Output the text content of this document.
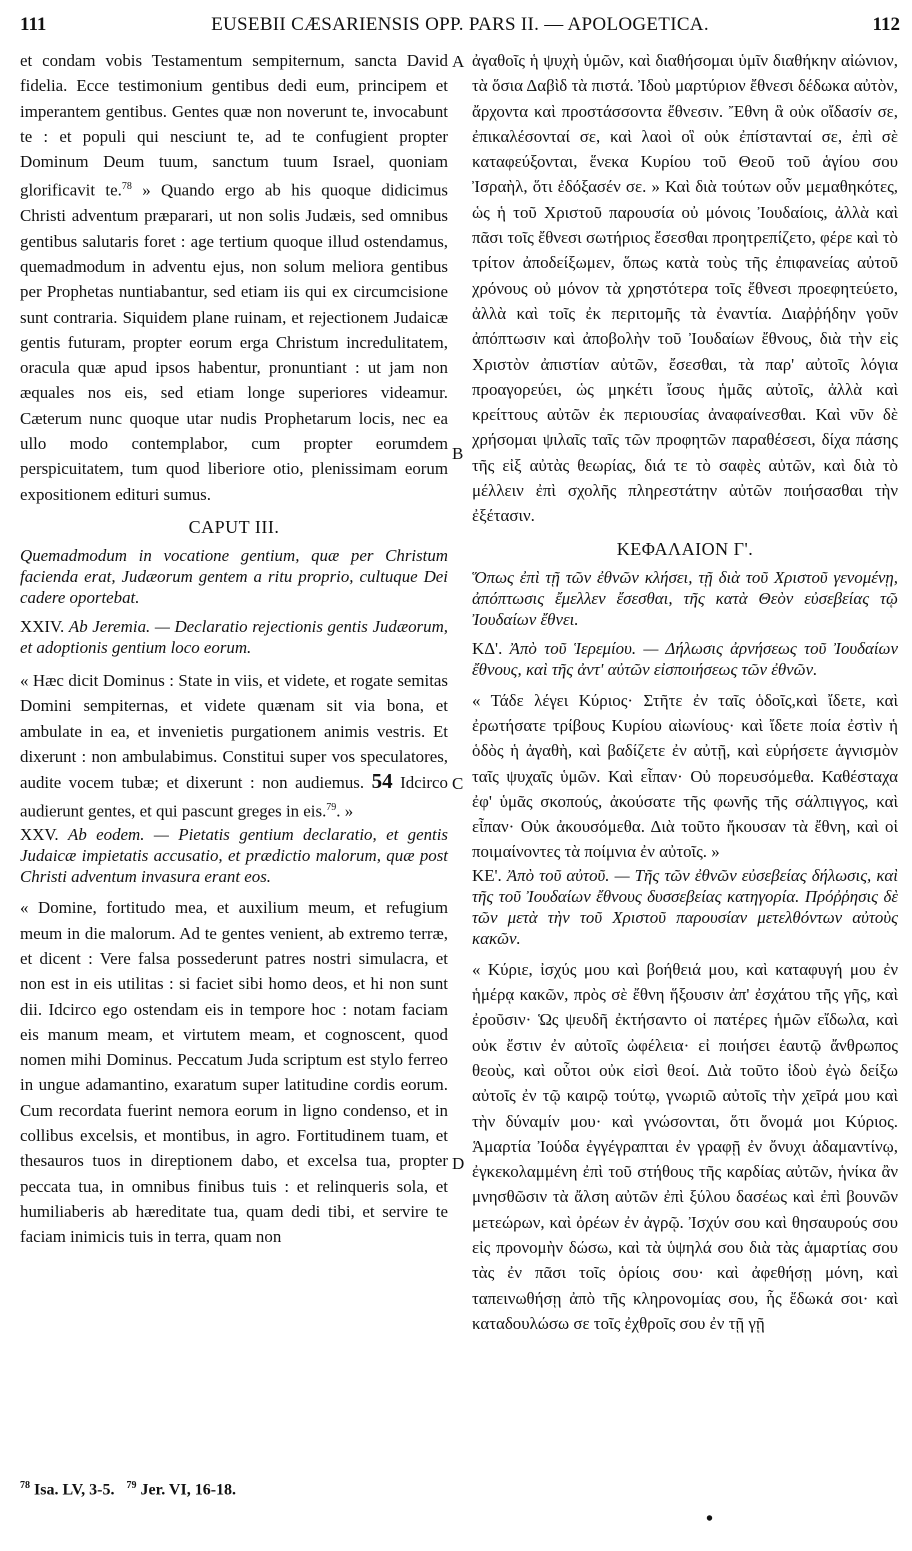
111	EUSEBII CÆSARIENSIS OPP. PARS II. — APOLOGETICA.	112
A
B
C
D

et condam vobis Testamentum sempiternum, sancta David fidelia. Ecce testimonium gentibus dedi eum, principem et imperantem gentibus. Gentes quæ non noverunt te, invocabunt te : et populi qui nesciunt te, ad te confugient propter Dominum Deum tuum, sanctum tuum Israel, quoniam glorificavit te.$^{78}$ » Quando ergo ab his quoque didicimus Christi adventum præparari, ut non solis Judæis, sed omnibus gentibus salutaris foret : age tertium quoque illud ostendamus, quemadmodum in adventu ejus, non solum meliora gentibus per Prophetas nuntiabantur, sed etiam iis qui ex circumcisione sunt contraria. Siquidem plane ruinam, et rejectionem Judaicæ gentis futuram, propter eorum erga Christum incredulitatem, oracula quæ apud ipsos habentur, pronuntiant : ut jam non æquales nos eis, sed etiam longe superiores videamur. Cæterum nunc quoque utar nudis Prophetarum locis, nec ea ullo modo contemplabor, cum propter eorumdem perspicuitatem, tum quod liberiore otio, plenissimam eorum expositionem edituri sumus.

CAPUT III.

Quemadmodum in vocatione gentium, quæ per Christum facienda erat, Judæorum gentem a ritu proprio, cultuque Dei cadere oportebat.

XXIV. Ab Jeremia. — Declaratio rejectionis gentis Judæorum, et adoptionis gentium loco eorum.

« Hæc dicit Dominus : State in viis, et videte, et rogate semitas Domini sempiternas, et videte quænam sit via bona, et ambulate in ea, et invenietis purgationem animis vestris. Et dixerunt : non ambulabimus. Constitui super vos speculatores, audite vocem tubæ; et dixerunt : non audiemus. 54 Idcirco audierunt gentes, et qui pascunt greges in eis.$^{79}$. »

XXV. Ab eodem. — Pietatis gentium declaratio, et gentis Judaicæ impietatis accusatio, et prædictio malorum, quæ post Christi adventum invasura erant eos.

« Domine, fortitudo mea, et auxilium meum, et refugium meum in die malorum. Ad te gentes venient, ab extremo terræ, et dicent : Vere falsa possederunt patres nostri simulacra, et non est in eis utilitas : si faciet sibi homo deos, et hi non sunt dii. Idcirco ego ostendam eis in tempore hoc : notam faciam eis manum meam, et virtutem meam, et cognoscent, quod nomen mihi Dominus. Peccatum Juda scriptum est stylo ferreo in ungue adamantino, exaratum super latitudine cordis eorum. Cum recordata fuerint nemora eorum in ligno condenso, et in collibus excelsis, et montibus, in agro. Fortitudinem tuam, et thesauros tuos in direptionem dabo, et excelsa tua, propter peccata tua, in omnibus finibus tuis : et relinqueris sola, et humiliaberis ab hæreditate tua, quam dedi tibi, et servire te faciam inimicis tuis in terra, quam non

ἀγαθοῖς ἡ ψυχὴ ὑμῶν, καὶ διαθήσομαι ὑμῖν διαθήκην αἰώνιον, τὰ ὅσια Δαβὶδ τὰ πιστά. Ἰδοὺ μαρτύριον ἔθνεσι δέδωκα αὐτὸν, ἄρχοντα καὶ προστάσσοντα ἔθνεσιν. Ἔθνη ἃ οὐκ οἴδασίν σε, ἐπικαλέσονταί σε, καὶ λαοὶ οἳ οὐκ ἐπίστανταί σε, ἐπὶ σὲ καταφεύξονται, ἕνεκα Κυρίου τοῦ Θεοῦ τοῦ ἁγίου σου Ἰσραὴλ, ὅτι ἐδόξασέν σε. » Καὶ διὰ τούτων οὖν μεμαθηκότες, ὡς ἡ τοῦ Χριστοῦ παρουσία οὐ μόνοις Ἰουδαίοις, ἀλλὰ καὶ πᾶσι τοῖς ἔθνεσι σωτήριος ἔσεσθαι προητρεπίζετο, φέρε καὶ τὸ τρίτον ἀποδείξωμεν, ὅπως κατὰ τοὺς τῆς ἐπιφανείας αὐτοῦ χρόνους οὐ μόνον τὰ χρηστότερα τοῖς ἔθνεσι προεφητεύετο, ἀλλὰ καὶ τοῖς ἐκ περιτομῆς τὰ ἐναντία. Διαῤῥήδην γοῦν ἀπόπτωσιν καὶ ἀποβολὴν τοῦ Ἰουδαίων ἔθνους, διὰ τὴν εἰς Χριστὸν ἀπιστίαν αὐτῶν, ἔσεσθαι, τὰ παρ' αὐτοῖς λόγια προαγορεύει, ὡς μηκέτι ἴσους ἡμᾶς αὐτοῖς, ἀλλὰ καὶ κρείττους αὐτῶν ἐκ περιουσίας ἀναφαίνεσθαι. Καὶ νῦν δὲ χρήσομαι ψιλαῖς ταῖς τῶν προφητῶν παραθέσεσι, δίχα πάσης τῆς εἰξ αὐτὰς θεωρίας, διά τε τὸ σαφὲς αὐτῶν, καὶ διὰ τὸ μέλλειν ἐπὶ σχολῆς πληρεστάτην αὐτῶν ποιήσασθαι τὴν ἐξέτασιν.

ΚΕΦΑΛΑΙΟΝ Γ'.

Ὅπως ἐπὶ τῇ τῶν ἐθνῶν κλήσει, τῇ διὰ τοῦ Χριστοῦ γενομένῃ, ἀπόπτωσις ἔμελλεν ἔσεσθαι, τῆς κατὰ Θεὸν εὐσεβείας τῷ Ἰουδαίων ἔθνει.

ΚΔ'. Ἀπὸ τοῦ Ἱερεμίου. — Δήλωσις ἀρνήσεως τοῦ Ἰουδαίων ἔθνους, καὶ τῆς ἀντ' αὐτῶν εἰσποιήσεως τῶν ἐθνῶν.

« Τάδε λέγει Κύριος· Στῆτε ἐν ταῖς ὁδοῖς,καὶ ἴδετε, καὶ ἐρωτήσατε τρίβους Κυρίου αἰωνίους· καὶ ἴδετε ποία ἐστὶν ἡ ὁδὸς ἡ ἀγαθὴ, καὶ βαδίζετε ἐν αὐτῇ, καὶ εὑρήσετε ἁγνισμὸν ταῖς ψυχαῖς ὑμῶν. Καὶ εἶπαν· Οὐ πορευσόμεθα. Καθέσταχα ἐφ' ὑμᾶς σκοπούς, ἀκούσατε τῆς φωνῆς τῆς σάλπιγγος, καὶ εἶπαν· Οὐκ ἀκουσόμεθα. Διὰ τοῦτο ἤκουσαν τὰ ἔθνη, καὶ οἱ ποιμαίνοντες τὰ ποίμνια ἐν αὐτοῖς. »

ΚΕ'. Ἀπὸ τοῦ αὐτοῦ. — Τῆς τῶν ἐθνῶν εὐσεβείας δήλωσις, καὶ τῆς τοῦ Ἰουδαίων ἔθνους δυσσεβείας κατηγορία. Πρόῤῥησις δὲ τῶν μετὰ τὴν τοῦ Χριστοῦ παρουσίαν μετελθόντων αὐτοὺς κακῶν.

« Κύριε, ἰσχύς μου καὶ βοήθειά μου, καὶ καταφυγή μου ἐν ἡμέρᾳ κακῶν, πρὸς σὲ ἔθνη ἥξουσιν ἀπ' ἐσχάτου τῆς γῆς, καὶ ἐροῦσιν· Ὡς ψευδῆ ἐκτήσαντο οἱ πατέρες ἡμῶν εἴδωλα, καὶ οὐκ ἔστιν ἐν αὐτοῖς ὠφέλεια· εἰ ποιήσει ἑαυτῷ ἄνθρωπος θεοὺς, καὶ οὗτοι οὐκ εἰσὶ θεοί. Διὰ τοῦτο ἰδοὺ ἐγὼ δείξω αὐτοῖς ἐν τῷ καιρῷ τούτῳ, γνωριῶ αὐτοῖς τὴν χεῖρά μου καὶ τὴν δύναμίν μου· καὶ γνώσονται, ὅτι ὄνομά μοι Κύριος. Ἁμαρτία Ἰούδα ἐγγέγραπται ἐν γραφῇ ἐν ὄνυχι ἀδαμαντίνῳ, ἐγκεκολαμμένη ἐπὶ τοῦ στήθους τῆς καρδίας αὐτῶν, ἡνίκα ἂν μνησθῶσιν τὰ ἄλση αὐτῶν ἐπὶ ξύλου δασέως καὶ ἐπὶ βουνῶν μετεώρων, καὶ ὀρέων ἐν ἀγρῷ. Ἰσχύν σου καὶ θησαυρούς σου εἰς προνομὴν δώσω, καὶ τὰ ὑψηλά σου διὰ τὰς ἁμαρτίας σου τὰς ἐν πᾶσι τοῖς ὁρίοις σου· καὶ ἀφεθήσῃ μόνη, καὶ ταπεινωθήσῃ ἀπὸ τῆς κληρονομίας σου, ἧς ἔδωκά σοι· καὶ καταδουλώσω σε τοῖς ἐχθροῖς σου ἐν τῇ γῇ

$^{78}$ Isa. LV, 3-5. $^{79}$ Jer. VI, 16-18.
•
